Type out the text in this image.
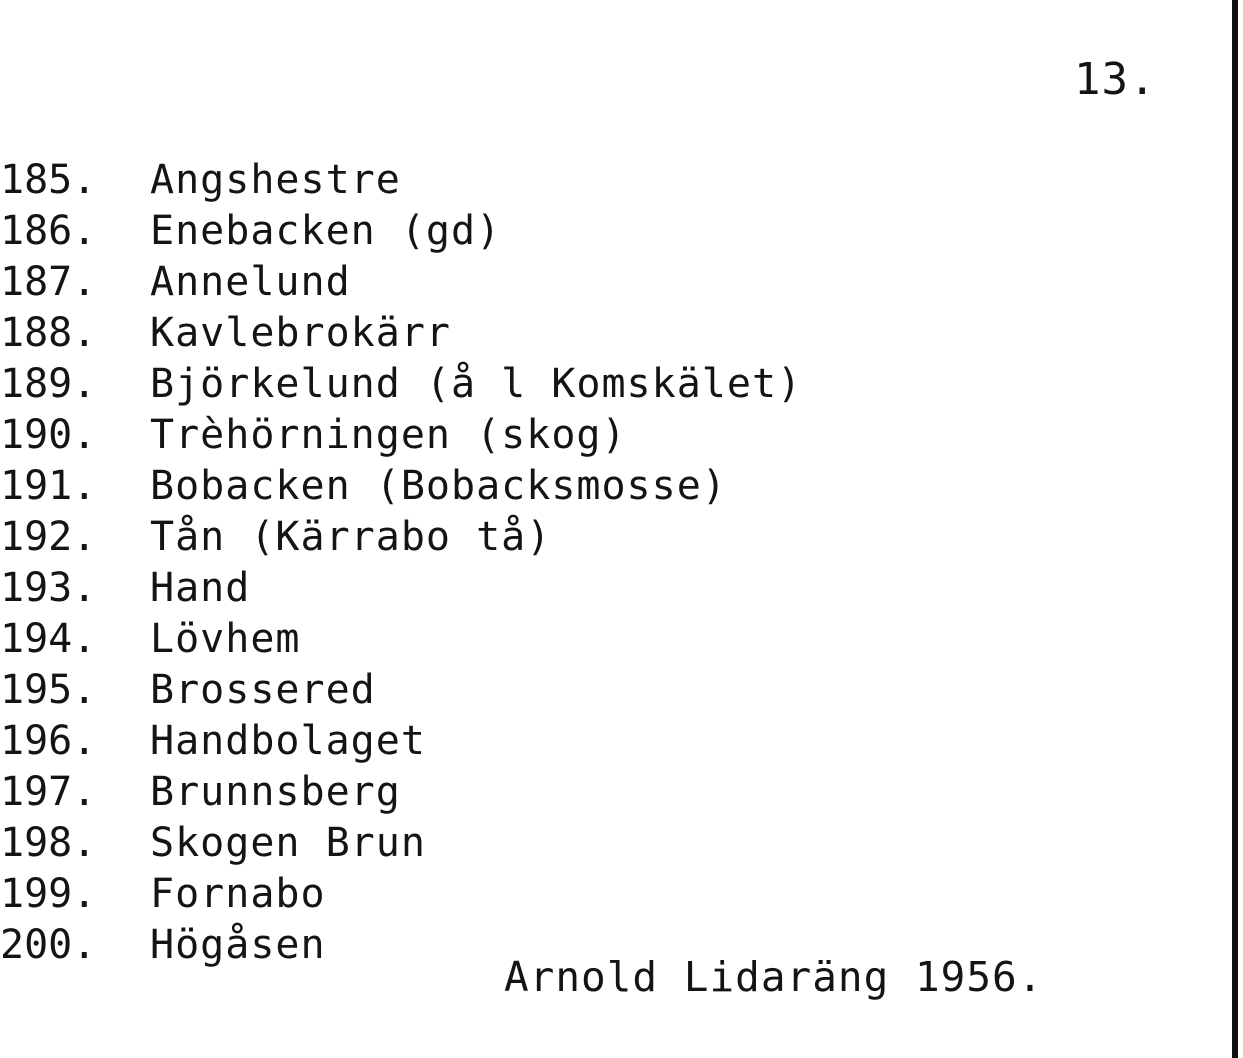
13.
185. Angshestre
186. Enebacken (gd)
187. Annelund
188. Kavlebrokärr
189. Björkelund (å l Komskälet)
190. Trèhörningen (skog)
191. Bobacken (Bobacksmosse)
192. Tån (Kärrabo tå)
193. Hand
194. Lövhem
195. Brossered
196. Handbolaget
197. Brunnsberg
198. Skogen Brun
199. Fornabo
200. Högåsen
Arnold Lidaräng 1956.
